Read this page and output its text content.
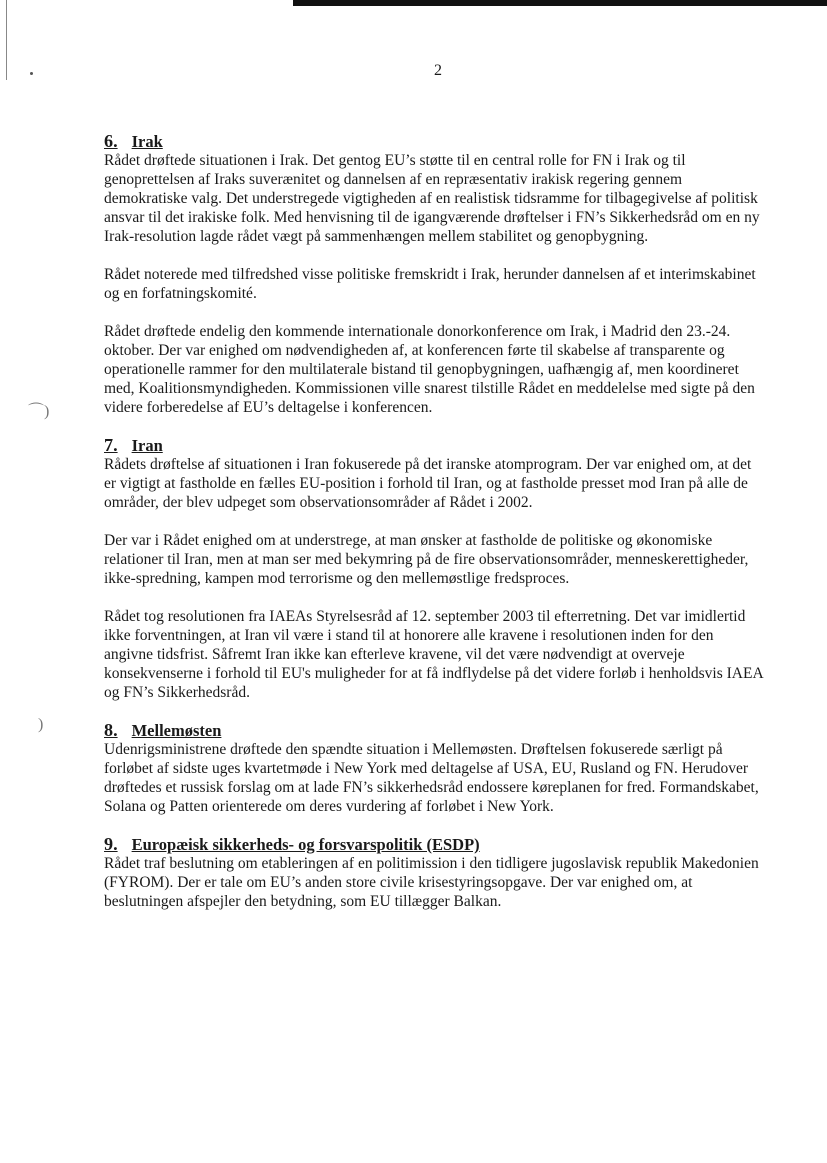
⌒)
)
2
6. Irak

Rådet drøftede situationen i Irak. Det gentog EU’s støtte til en central rolle for FN i Irak og til genoprettelsen af Iraks suverænitet og dannelsen af en repræsentativ irakisk regering gennem demokratiske valg. Det understregede vigtigheden af en realistisk tidsramme for tilbagegivelse af politisk ansvar til det irakiske folk. Med henvisning til de igangværende drøftelser i FN’s Sikkerhedsråd om en ny Irak-resolution lagde rådet vægt på sammenhængen mellem stabilitet og genopbygning.

Rådet noterede med tilfredshed visse politiske fremskridt i Irak, herunder dannelsen af et interimskabinet og en forfatningskomité.

Rådet drøftede endelig den kommende internationale donorkonference om Irak, i Madrid den 23.-24. oktober. Der var enighed om nødvendigheden af, at konferencen førte til skabelse af transparente og operationelle rammer for den multilaterale bistand til genopbygningen, uafhængig af, men koordineret med, Koalitionsmyndigheden. Kommissionen ville snarest tilstille Rådet en meddelelse med sigte på den videre forberedelse af EU’s deltagelse i konferencen.

7. Iran

Rådets drøftelse af situationen i Iran fokuserede på det iranske atomprogram. Der var enighed om, at det er vigtigt at fastholde en fælles EU-position i forhold til Iran, og at fastholde presset mod Iran på alle de områder, der blev udpeget som observationsområder af Rådet i 2002.

Der var i Rådet enighed om at understrege, at man ønsker at fastholde de politiske og økonomiske relationer til Iran, men at man ser med bekymring på de fire observationsområder, menneskerettigheder, ikke-spredning, kampen mod terrorisme og den mellemøstlige fredsproces.

Rådet tog resolutionen fra IAEAs Styrelsesråd af 12. september 2003 til efterretning. Det var imidlertid ikke forventningen, at Iran vil være i stand til at honorere alle kravene i resolutionen inden for den angivne tidsfrist. Såfremt Iran ikke kan efterleve kravene, vil det være nødvendigt at overveje konsekvenserne i forhold til EU's muligheder for at få indflydelse på det videre forløb i henholdsvis IAEA og FN’s Sikkerhedsråd.

8. Mellemøsten

Udenrigsministrene drøftede den spændte situation i Mellemøsten. Drøftelsen fokuserede særligt på forløbet af sidste uges kvartetmøde i New York med deltagelse af USA, EU, Rusland og FN. Herudover drøftedes et russisk forslag om at lade FN’s sikkerhedsråd endossere køreplanen for fred. Formandskabet, Solana og Patten orienterede om deres vurdering af forløbet i New York.

9. Europæisk sikkerheds- og forsvarspolitik (ESDP)

Rådet traf beslutning om etableringen af en politimission i den tidligere jugoslavisk republik Makedonien (FYROM). Der er tale om EU’s anden store civile krisestyringsopgave. Der var enighed om, at beslutningen afspejler den betydning, som EU tillægger Balkan.
